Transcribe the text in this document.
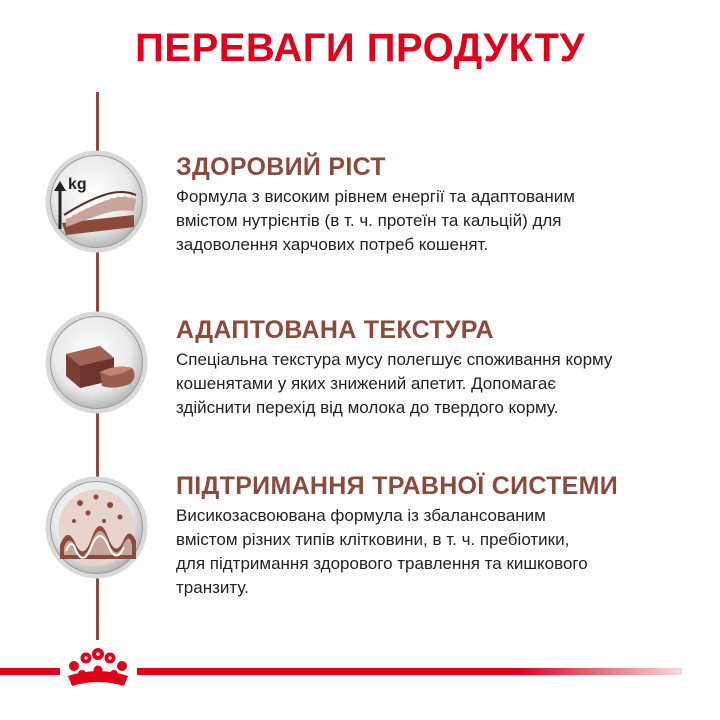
ПЕРЕВАГИ ПРОДУКТУ
kg
ЗДОРОВИЙ РІСТ
Формула з високим рівнем енергії та адаптованим
вмістом нутрієнтів (в т. ч. протеїн та кальцій) для
задоволення харчових потреб кошенят.
АДАПТОВАНА ТЕКСТУРА
Спеціальна текстура мусу полегшує споживання корму
кошенятами у яких знижений апетит. Допомагає
здійснити перехід від молока до твердого корму.
ПІДТРИМАННЯ ТРАВНОЇ СИСТЕМИ
Висикозасвоювана формула із збалансованим
вмістом різних типів клітковини, в т. ч. пребіотики,
для підтримання здорового травлення та кишкового
транзиту.
